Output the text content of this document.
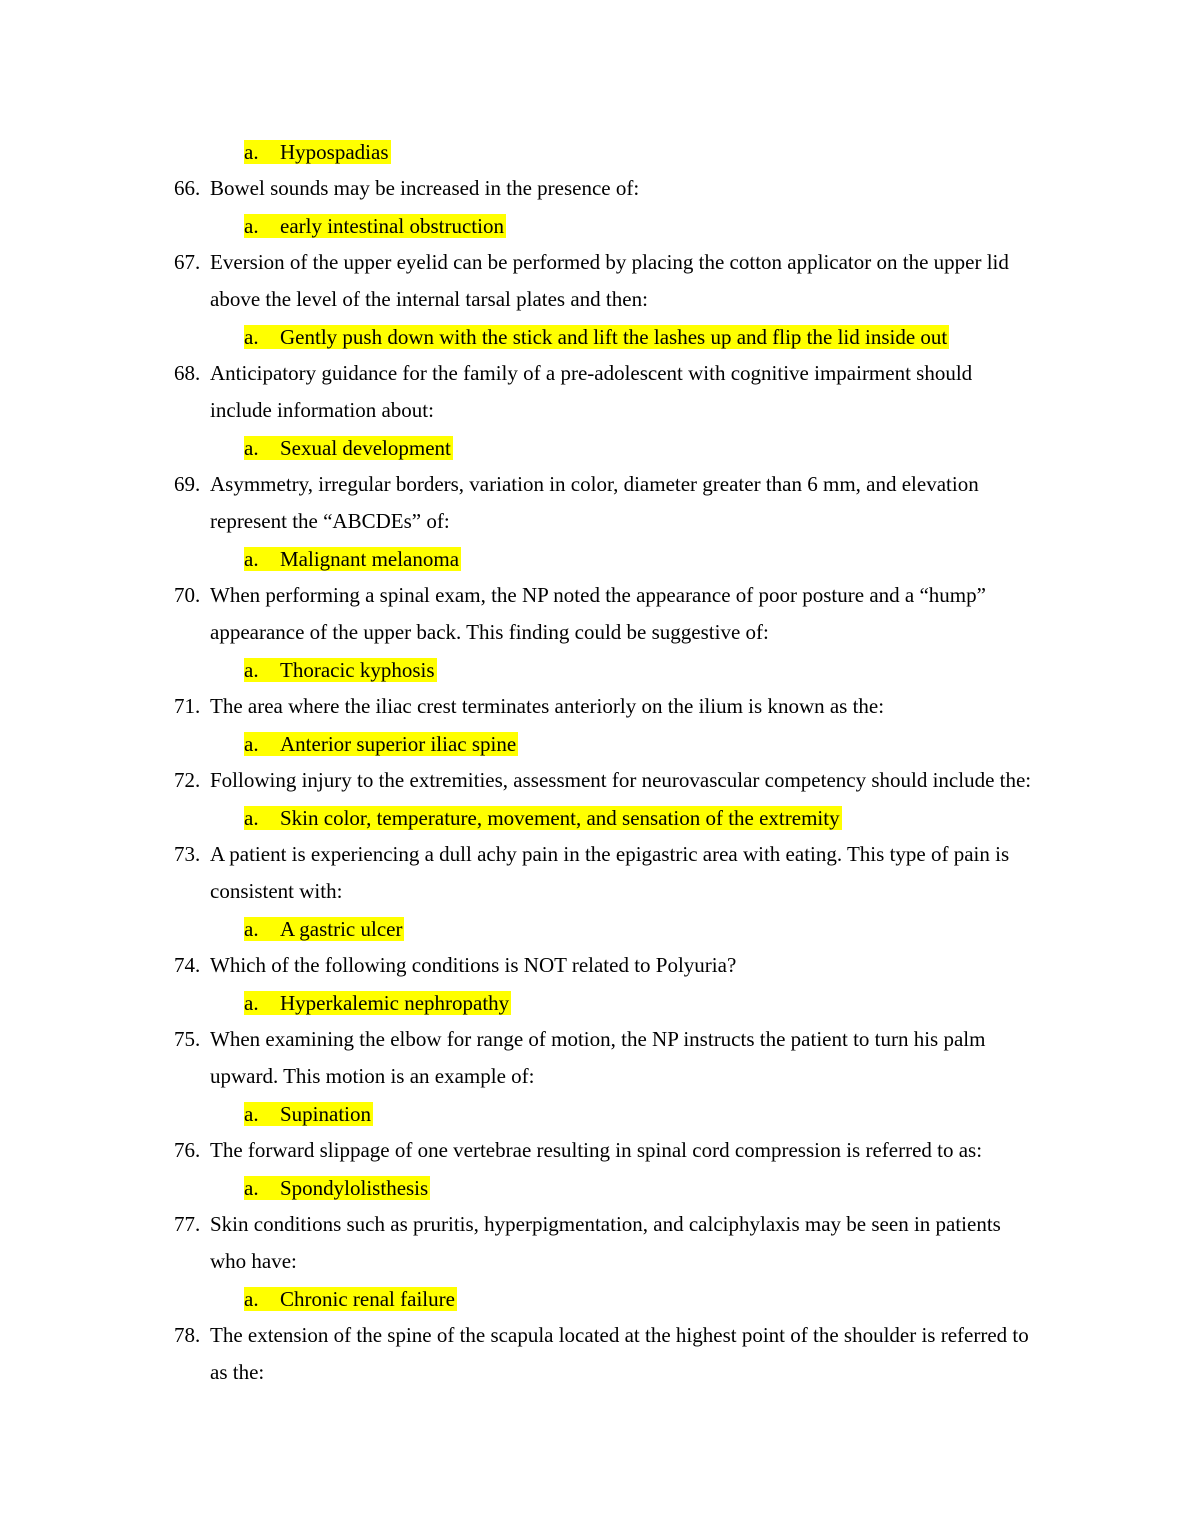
a. Hypospadias
66. Bowel sounds may be increased in the presence of:
a. early intestinal obstruction
67. Eversion of the upper eyelid can be performed by placing the cotton applicator on the upper lid
above the level of the internal tarsal plates and then:
a. Gently push down with the stick and lift the lashes up and flip the lid inside out
68. Anticipatory guidance for the family of a pre-adolescent with cognitive impairment should
include information about:
a. Sexual development
69. Asymmetry, irregular borders, variation in color, diameter greater than 6 mm, and elevation
represent the “ABCDEs” of:
a. Malignant melanoma
70. When performing a spinal exam, the NP noted the appearance of poor posture and a “hump”
appearance of the upper back. This finding could be suggestive of:
a. Thoracic kyphosis
71. The area where the iliac crest terminates anteriorly on the ilium is known as the:
a. Anterior superior iliac spine
72. Following injury to the extremities, assessment for neurovascular competency should include the:
a. Skin color, temperature, movement, and sensation of the extremity
73. A patient is experiencing a dull achy pain in the epigastric area with eating. This type of pain is
consistent with:
a. A gastric ulcer
74. Which of the following conditions is NOT related to Polyuria?
a. Hyperkalemic nephropathy
75. When examining the elbow for range of motion, the NP instructs the patient to turn his palm
upward. This motion is an example of:
a. Supination
76. The forward slippage of one vertebrae resulting in spinal cord compression is referred to as:
a. Spondylolisthesis
77. Skin conditions such as pruritis, hyperpigmentation, and calciphylaxis may be seen in patients
who have:
a. Chronic renal failure
78. The extension of the spine of the scapula located at the highest point of the shoulder is referred to
as the:
